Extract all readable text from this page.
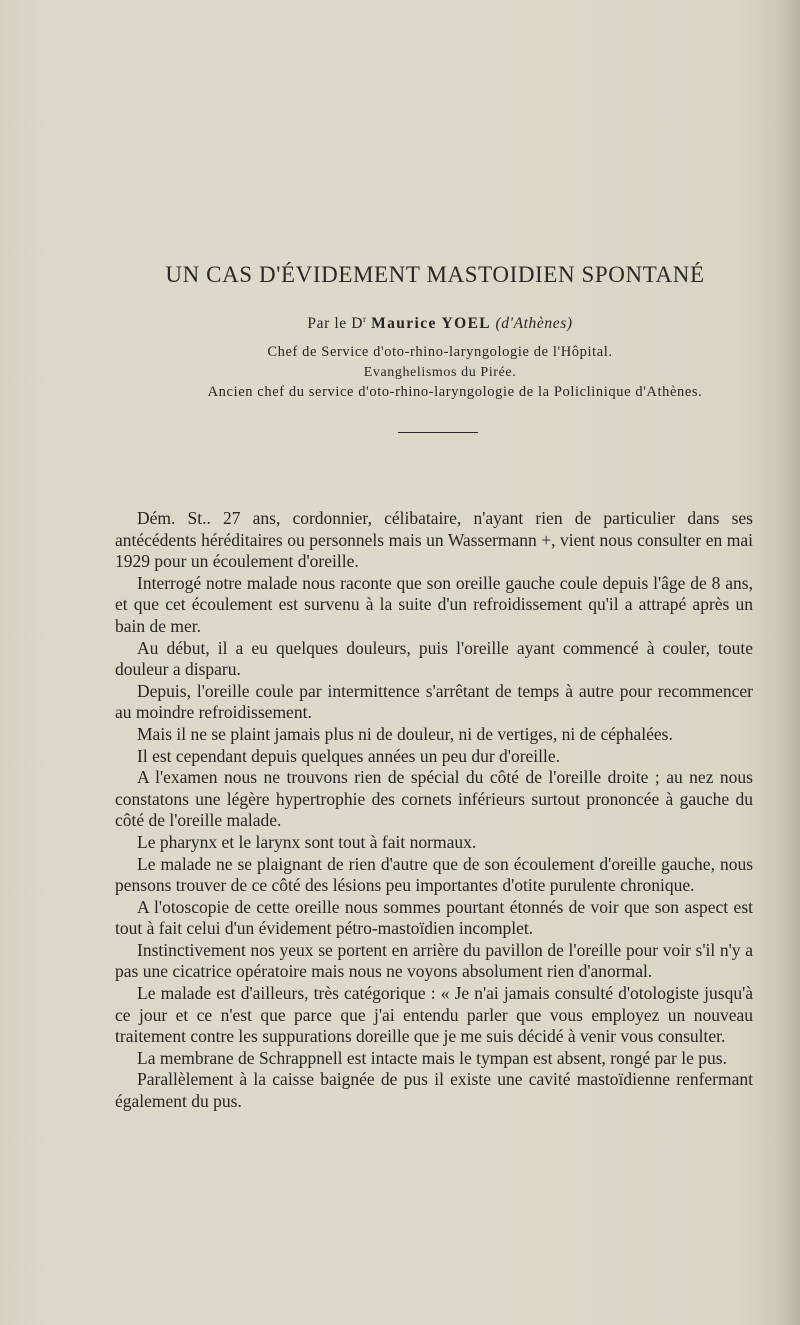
UN CAS D'ÉVIDEMENT MASTOIDIEN SPONTANÉ
Par le $D^r$ Maurice YOEL (d'Athènes)
Chef de Service d'oto-rhino-laryngologie de l'Hôpital.
Evanghelismos du Pirée.
Ancien chef du service d'oto-rhino-laryngologie de la Policlinique d'Athènes.

Dém. St.. 27 ans, cordonnier, célibataire, n'ayant rien de particulier dans ses antécédents héréditaires ou personnels mais un Wassermann +, vient nous consulter en mai 1929 pour un écoulement d'oreille.

Interrogé notre malade nous raconte que son oreille gauche coule depuis l'âge de 8 ans, et que cet écoulement est survenu à la suite d'un refroidissement qu'il a attrapé après un bain de mer.

Au début, il a eu quelques douleurs, puis l'oreille ayant commencé à couler, toute douleur a disparu.

Depuis, l'oreille coule par intermittence s'arrêtant de temps à autre pour recommencer au moindre refroidissement.

Mais il ne se plaint jamais plus ni de douleur, ni de vertiges, ni de céphalées.

Il est cependant depuis quelques années un peu dur d'oreille.

A l'examen nous ne trouvons rien de spécial du côté de l'oreille droite ; au nez nous constatons une légère hypertrophie des cornets inférieurs surtout prononcée à gauche du côté de l'oreille malade.

Le pharynx et le larynx sont tout à fait normaux.

Le malade ne se plaignant de rien d'autre que de son écoulement d'oreille gauche, nous pensons trouver de ce côté des lésions peu importantes d'otite purulente chronique.

A l'otoscopie de cette oreille nous sommes pourtant étonnés de voir que son aspect est tout à fait celui d'un évidement pétro-mastoïdien incomplet.

Instinctivement nos yeux se portent en arrière du pavillon de l'oreille pour voir s'il n'y a pas une cicatrice opératoire mais nous ne voyons absolument rien d'anormal.

Le malade est d'ailleurs, très catégorique : « Je n'ai jamais consulté d'otologiste jusqu'à ce jour et ce n'est que parce que j'ai entendu parler que vous employez un nouveau traitement contre les suppurations doreille que je me suis décidé à venir vous consulter.

La membrane de Schrappnell est intacte mais le tympan est absent, rongé par le pus.

Parallèlement à la caisse baignée de pus il existe une cavité mastoïdienne renfermant également du pus.
